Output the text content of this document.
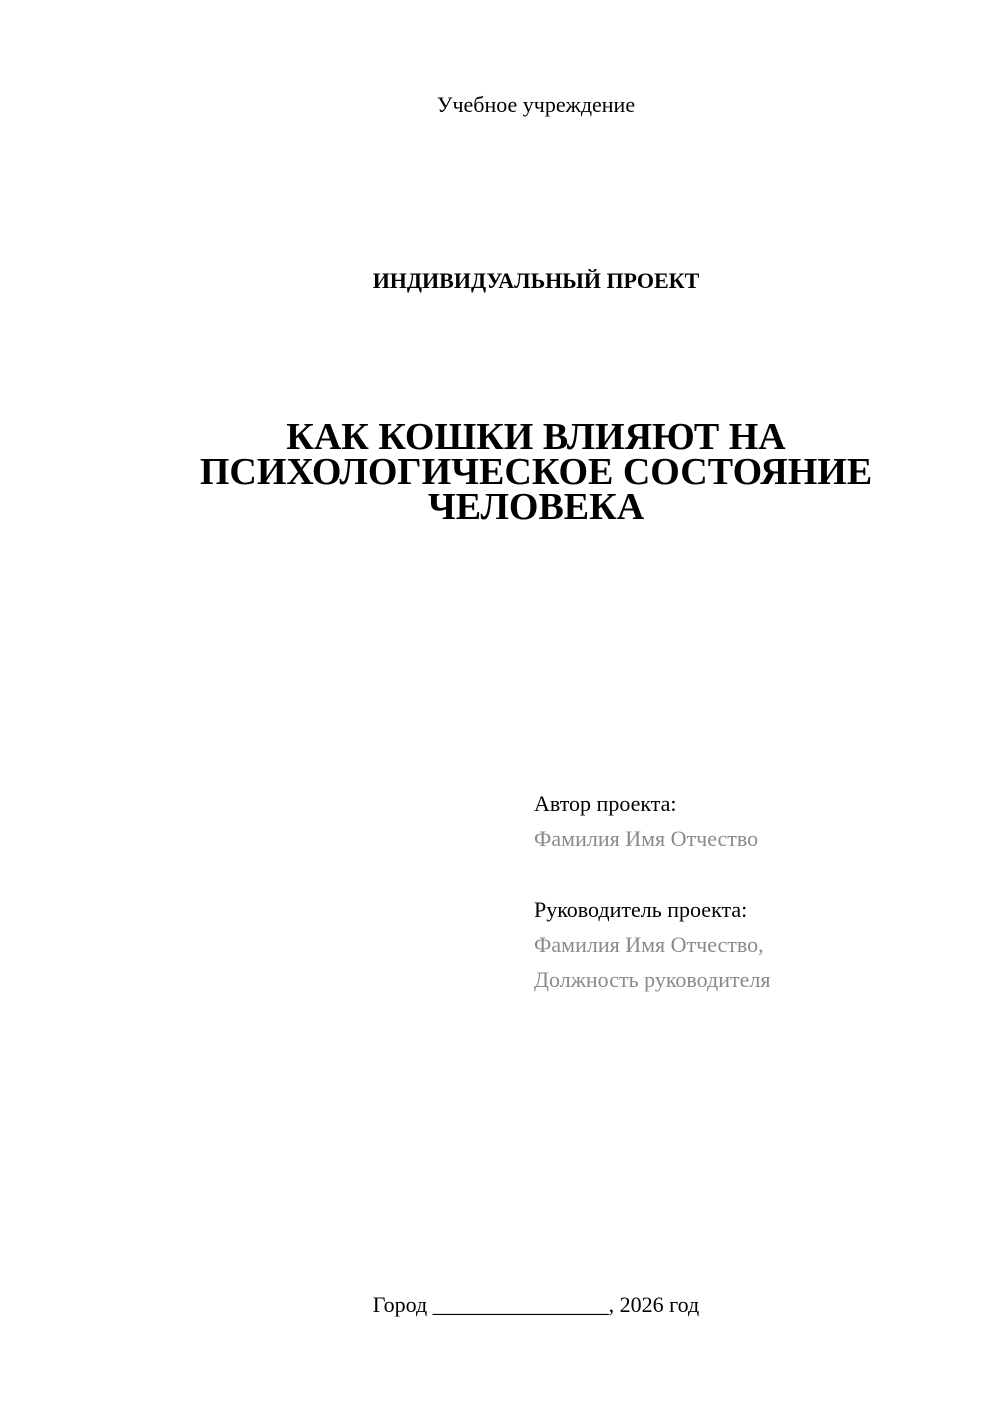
Учебное учреждение
ИНДИВИДУАЛЬНЫЙ ПРОЕКТ
КАК КОШКИ ВЛИЯЮТ НА
ПСИХОЛОГИЧЕСКОЕ СОСТОЯНИЕ
ЧЕЛОВЕКА
Автор проекта:
Фамилия Имя Отчество
Руководитель проекта:
Фамилия Имя Отчество,
Должность руководителя
Город ________________, 2026 год
